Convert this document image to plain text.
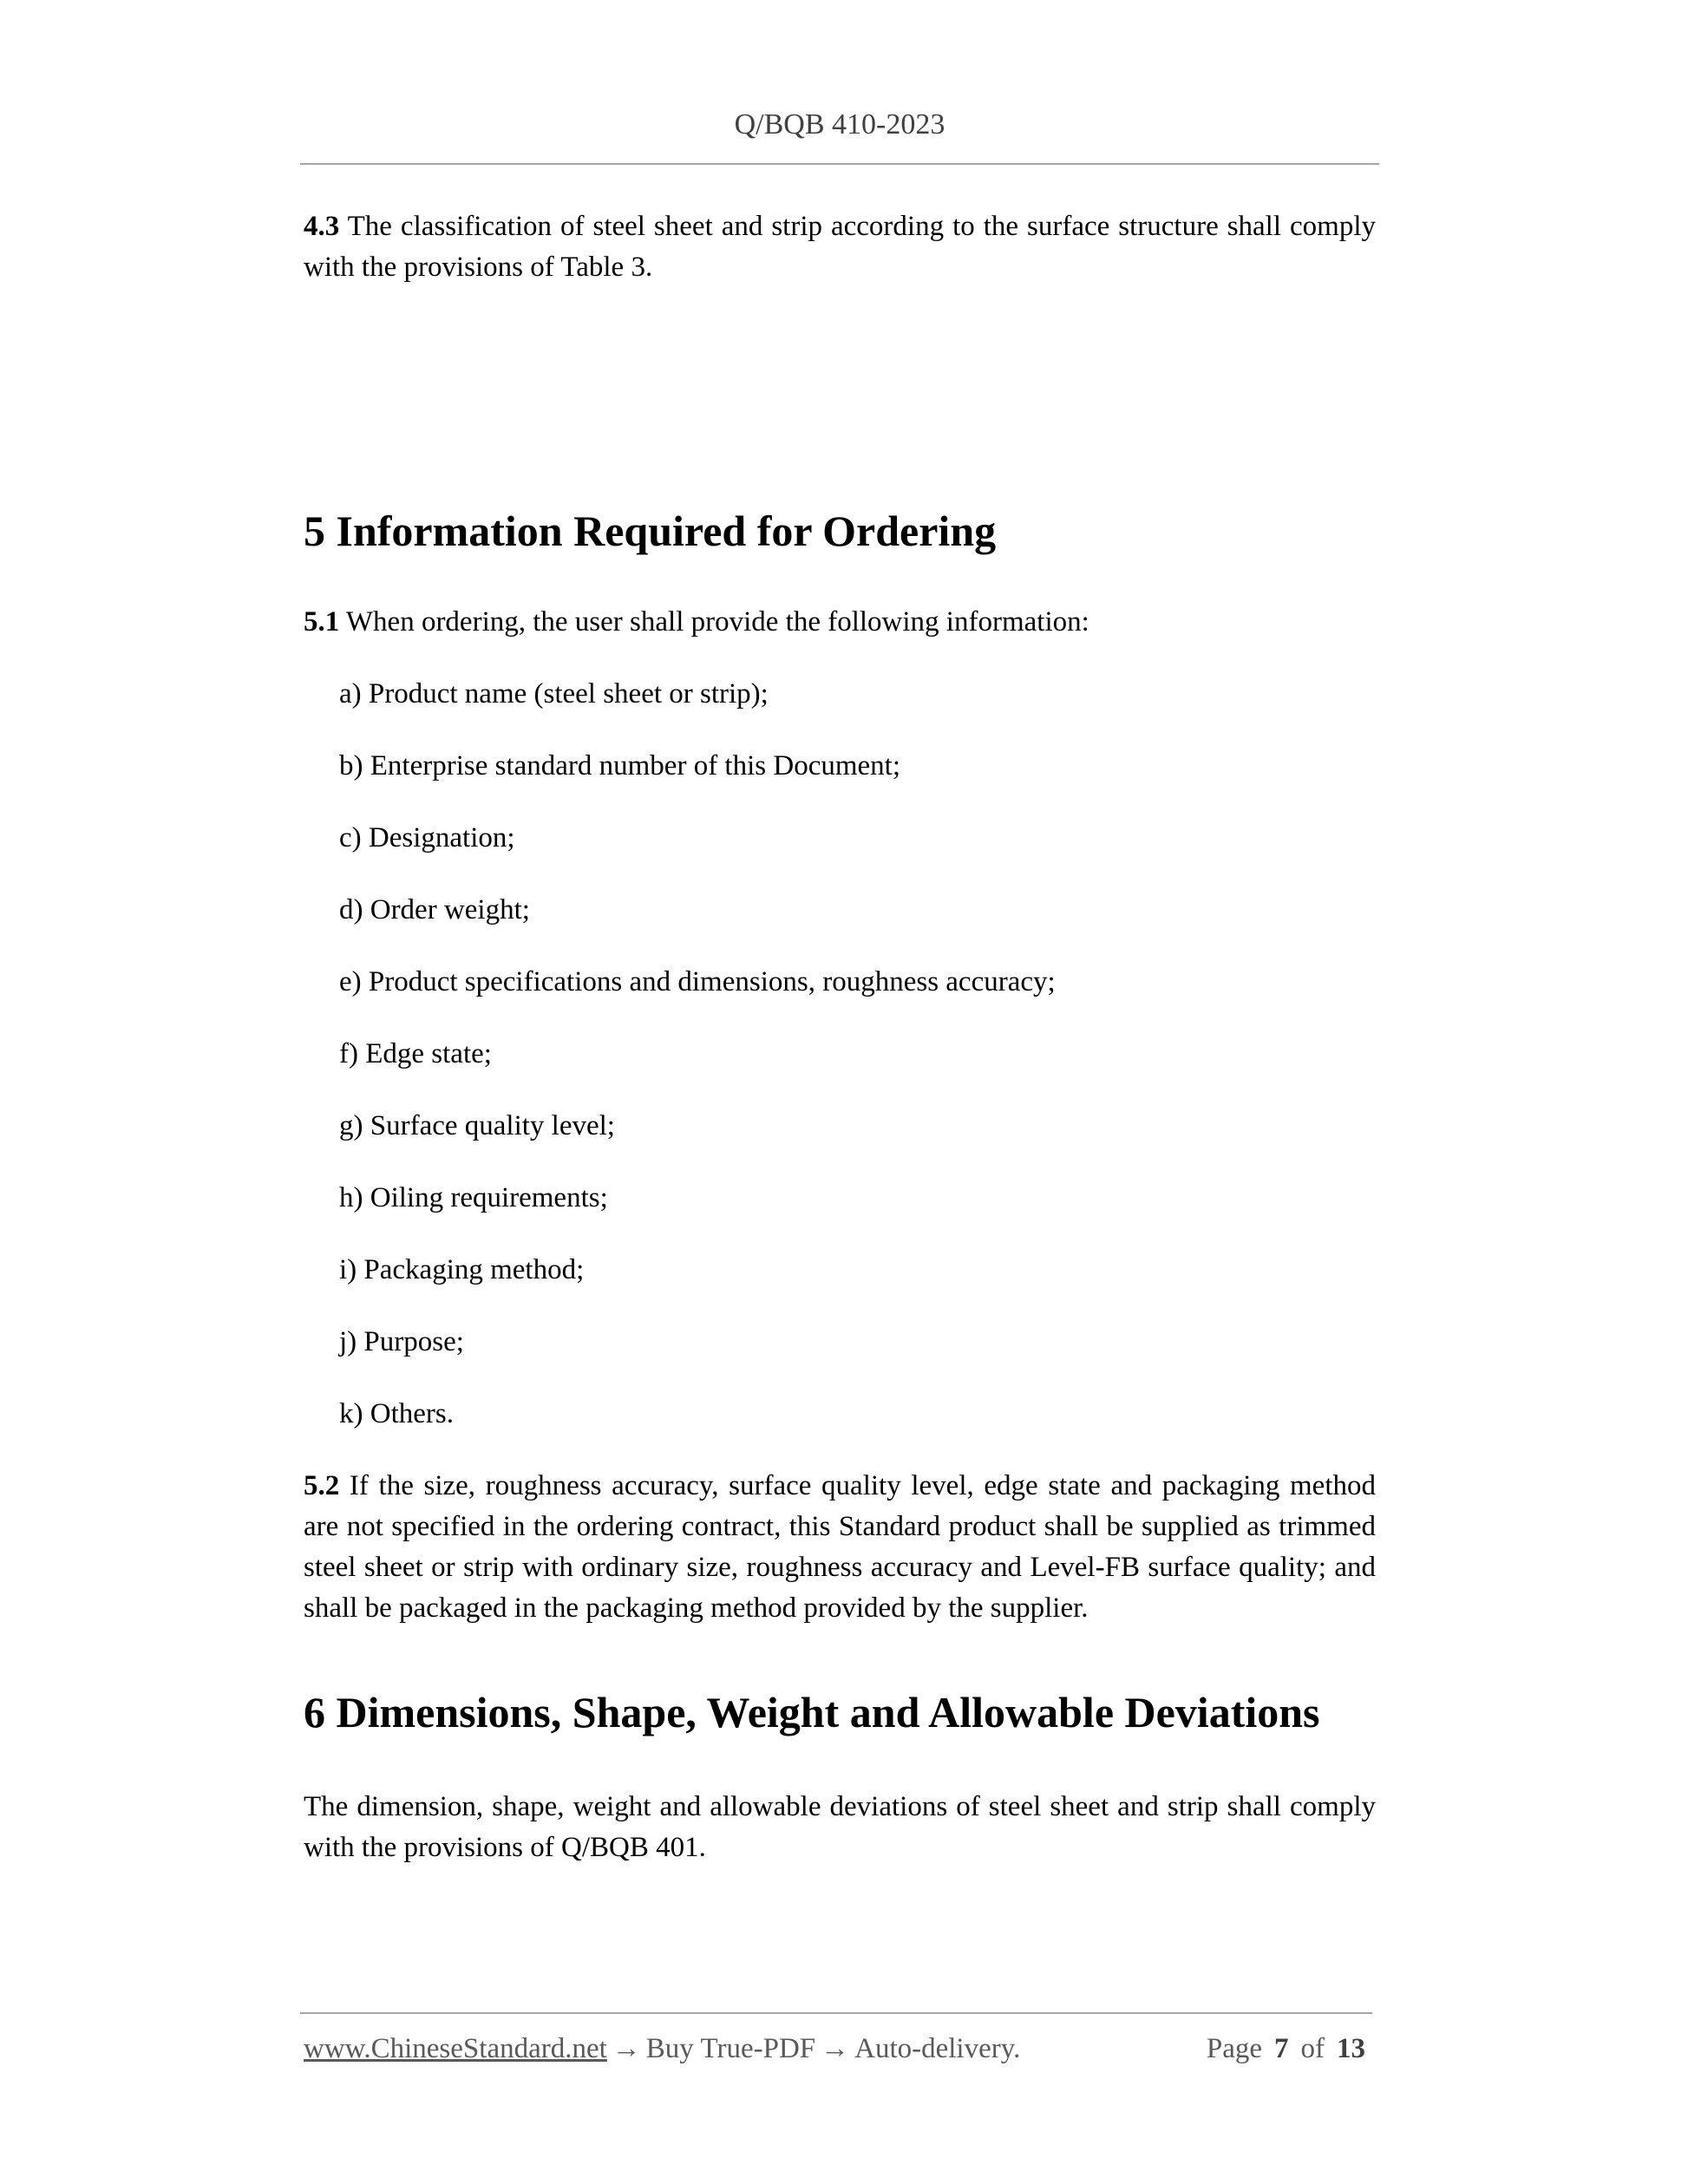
Q/BQB 410-2023

4.3 The classification of steel sheet and strip according to the surface structure shall comply with the provisions of Table 3.

5 Information Required for Ordering

5.1 When ordering, the user shall provide the following information:

a) Product name (steel sheet or strip);

b) Enterprise standard number of this Document;

c) Designation;

d) Order weight;

e) Product specifications and dimensions, roughness accuracy;

f) Edge state;

g) Surface quality level;

h) Oiling requirements;

i) Packaging method;

j) Purpose;

k) Others.

5.2 If the size, roughness accuracy, surface quality level, edge state and packaging method are not specified in the ordering contract, this Standard product shall be supplied as trimmed steel sheet or strip with ordinary size, roughness accuracy and Level-FB surface quality; and shall be packaged in the packaging method provided by the supplier.

6 Dimensions, Shape, Weight and Allowable Deviations

The dimension, shape, weight and allowable deviations of steel sheet and strip shall comply with the provisions of Q/BQB 401.

www.ChineseStandard.net → Buy True-PDF → Auto-delivery.	Page 7 of 13
